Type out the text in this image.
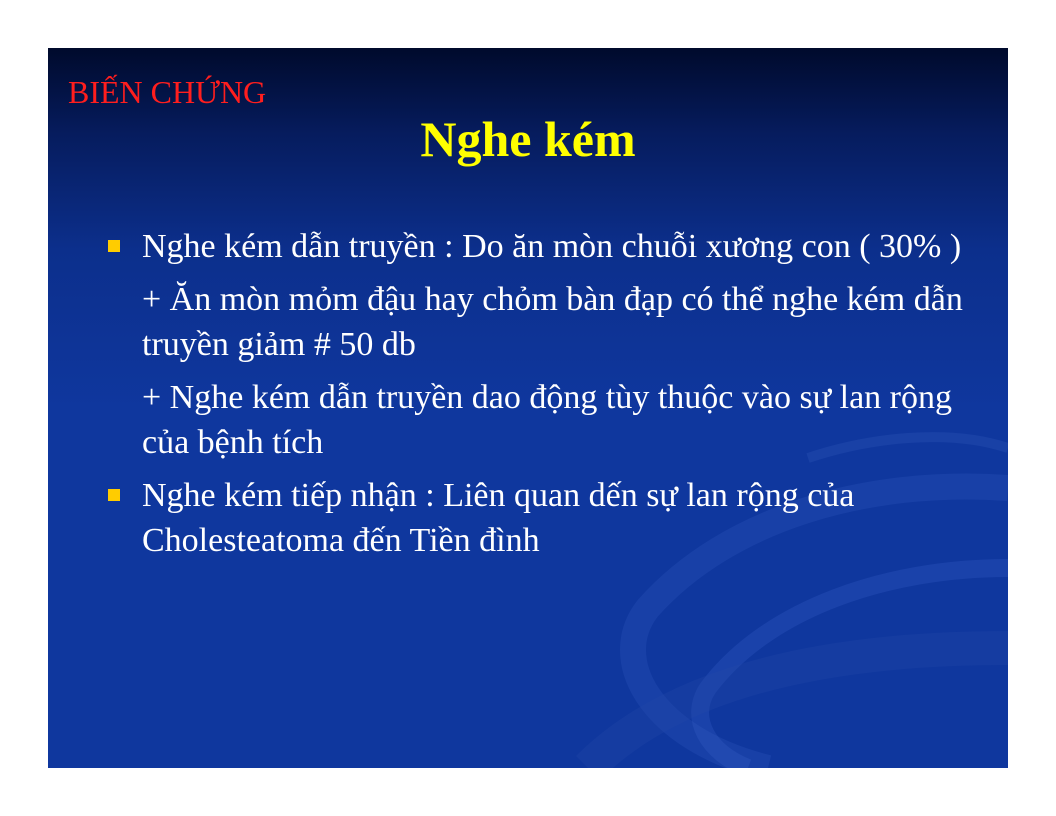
BIẾN CHỨNG
Nghe kém
Nghe kém dẫn truyền : Do ăn mòn chuỗi xương con ( 30% )
+ Ăn mòn mỏm đậu hay chỏm bàn đạp có thể nghe kém dẫn truyền giảm # 50 db
+ Nghe kém dẫn truyền dao động tùy thuộc vào sự lan rộng của bệnh tích
Nghe kém tiếp nhận : Liên quan dến sự lan rộng của Cholesteatoma đến Tiền đình
